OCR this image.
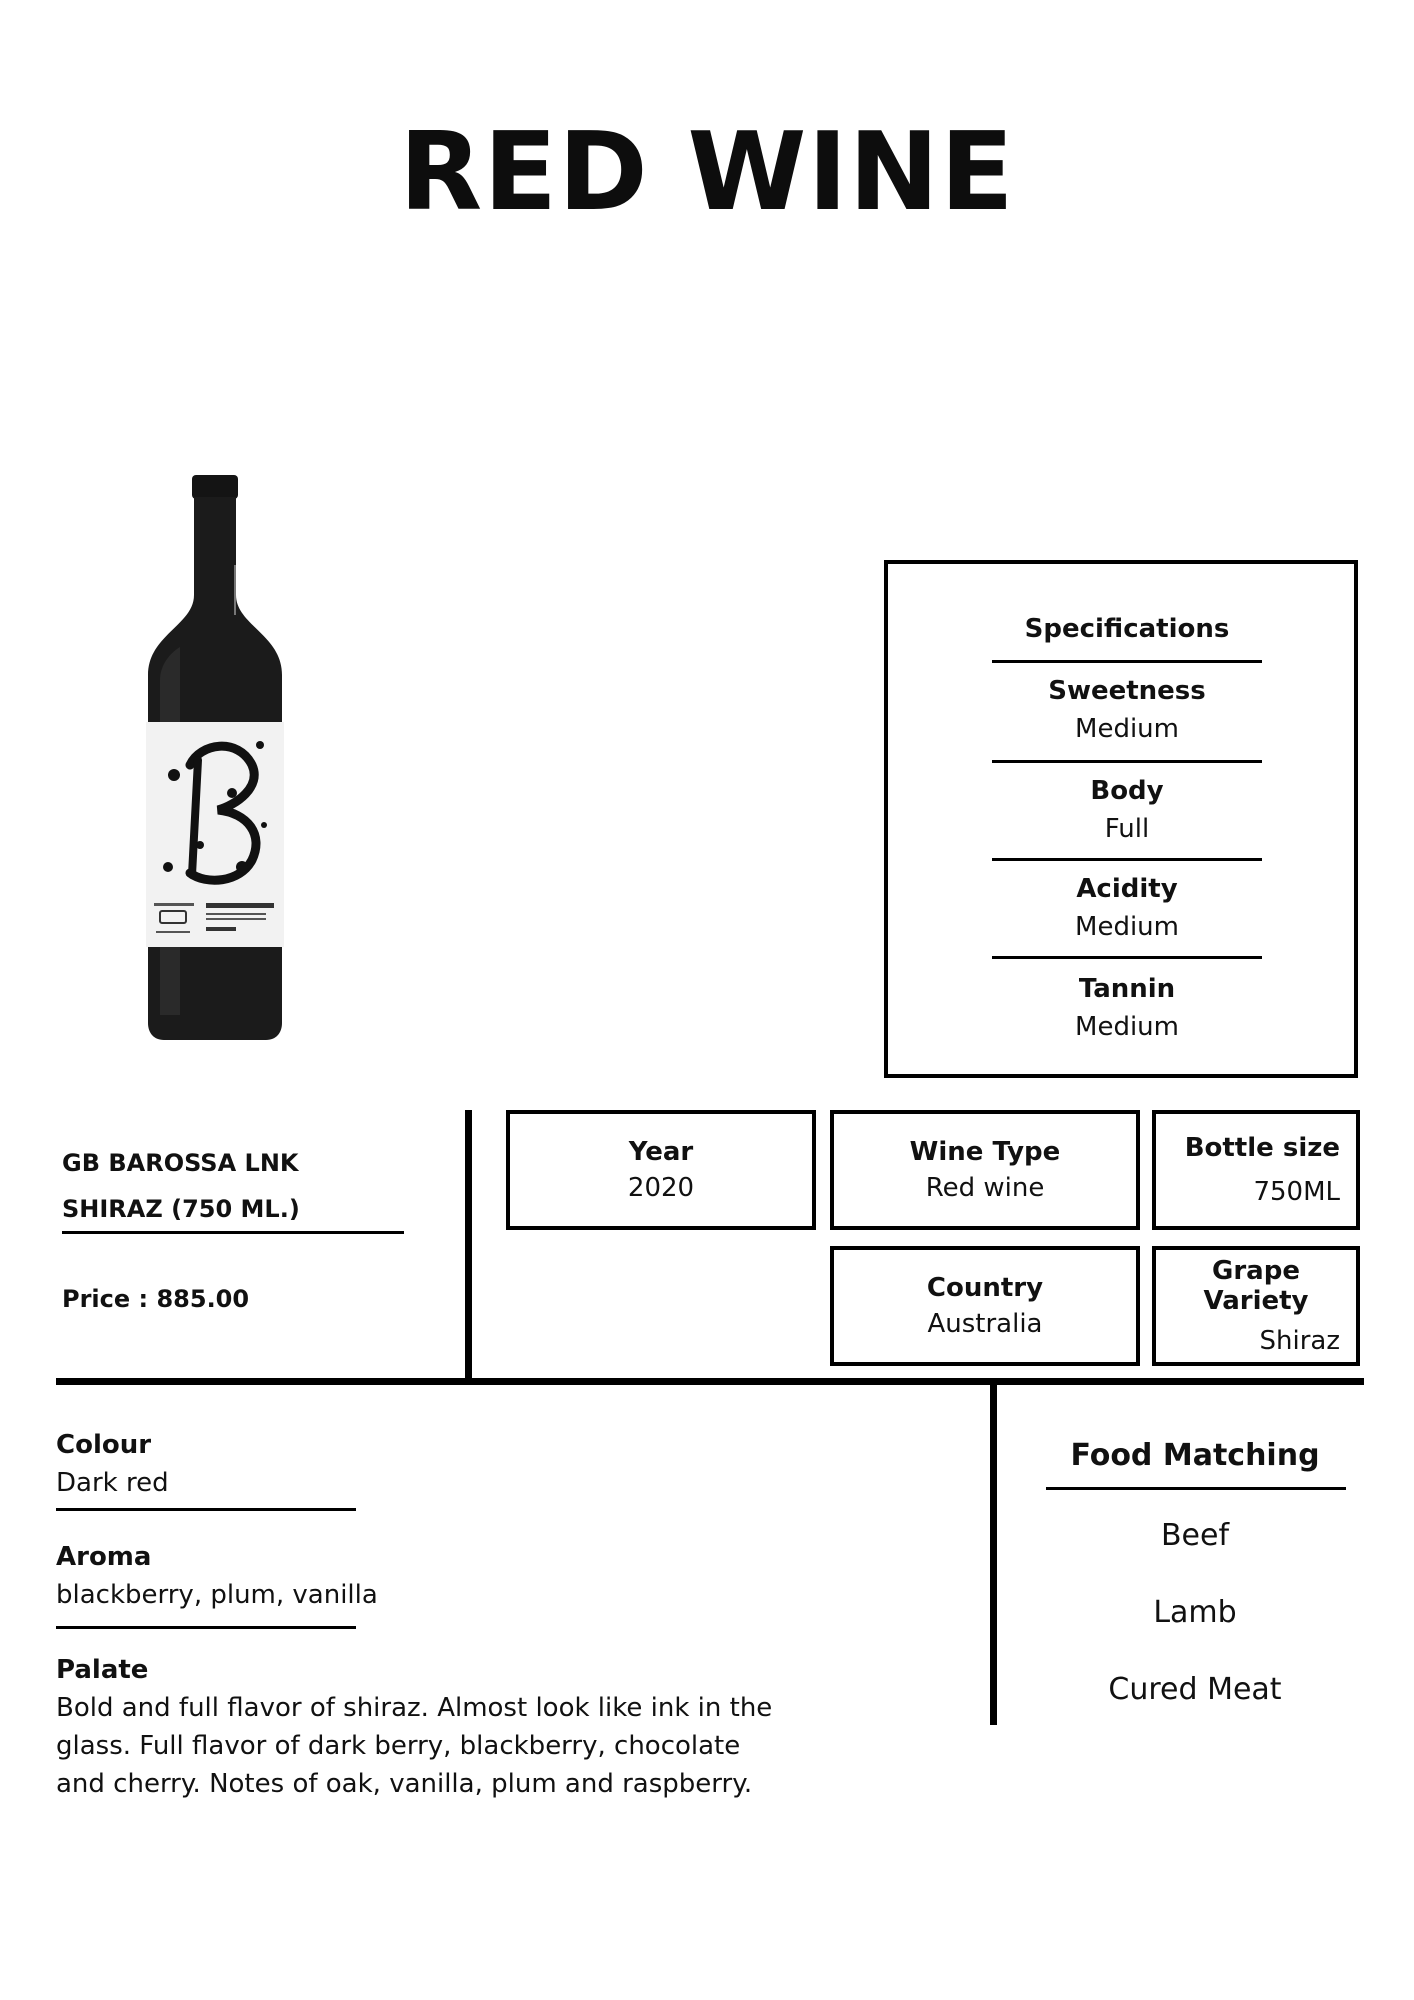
RED WINE
Specifications
Sweetness
Medium
Body
Full
Acidity
Medium
Tannin
Medium
GB BAROSSA LNK
SHIRAZ (750 ML.)
Price : 885.00
Year
2020
Wine Type
Red wine
Bottle size
750ML
Country
Australia
Grape Variety
Shiraz
Colour
Dark red
Aroma
blackberry, plum, vanilla
Palate
Bold and full flavor of shiraz. Almost look like ink in the glass. Full flavor of dark berry, blackberry, chocolate and cherry. Notes of oak, vanilla, plum and raspberry.
Food Matching
Beef
Lamb
Cured Meat
